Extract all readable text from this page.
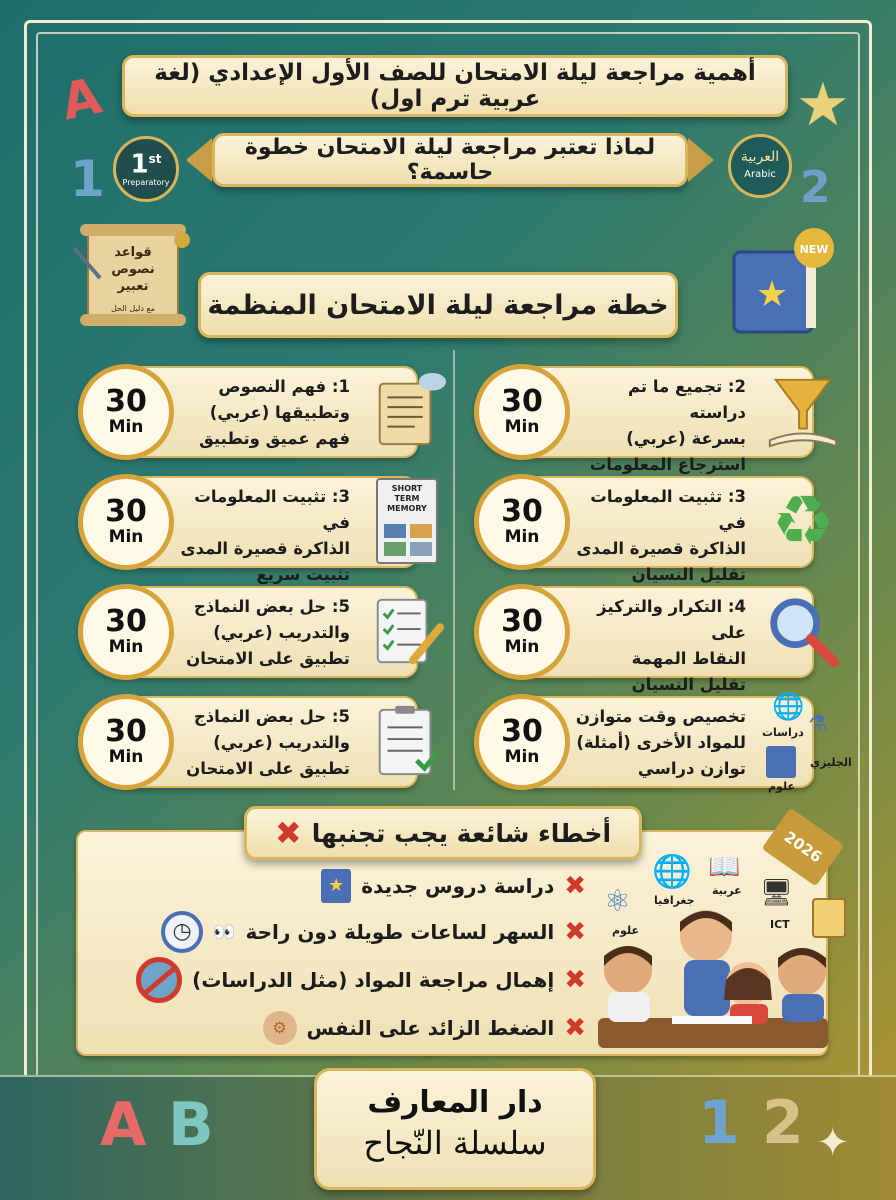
A
1	2
★
A B	1 2 ✦
أهمية مراجعة ليلة الامتحان للصف الأول الإعدادي (لغة عربية ترم اول)
لماذا تعتبر مراجعة ليلة الامتحان خطوة حاسمة؟
1st
Preparatory
العربية
Arabic
قواعد نصوص تعبير
مع دليل الحل	★
NEW
خطة مراجعة ليلة الامتحان المنظمة
30
Min
2: تجميع ما تم دراسته
بسرعة (عربي)
استرجاع المعلومات
30
Min
3: تثبيت المعلومات في
الذاكرة قصيرة المدى
تقليل النسيان
♻
30
Min
4: التكرار والتركيز على
النقاط المهمة
تقليل النسيان
30
Min
تخصيص وقت متوازن
للمواد الأخرى (أمثلة)
توازن دراسي
🌐
دراسات ⚗
الجليزي
علوم
30
Min
1: فهم النصوص
وتطبيقها (عربي)
فهم عميق وتطبيق
30
Min
3: تثبيت المعلومات في
الذاكرة قصيرة المدى
تثبيت سريع
SHORT TERM MEMORY
30
Min
5: حل بعض النماذج
والتدريب (عربي)
تطبيق على الامتحان
30
Min
5: حل بعض النماذج
والتدريب (عربي)
تطبيق على الامتحان
أخطاء شائعة يجب تجنبها
✖	2026
✖
دراسة دروس جديدة
★
✖
السهر لساعات طويلة دون راحة
👀
◷
✖
إهمال مراجعة المواد (مثل الدراسات)
✖
الضغط الزائد على النفس
⚙
⚛
علوم
🌐
جغرافيا
📖
عربية 🖥
ICT
دار المعارف
سلسلة النّجاح
